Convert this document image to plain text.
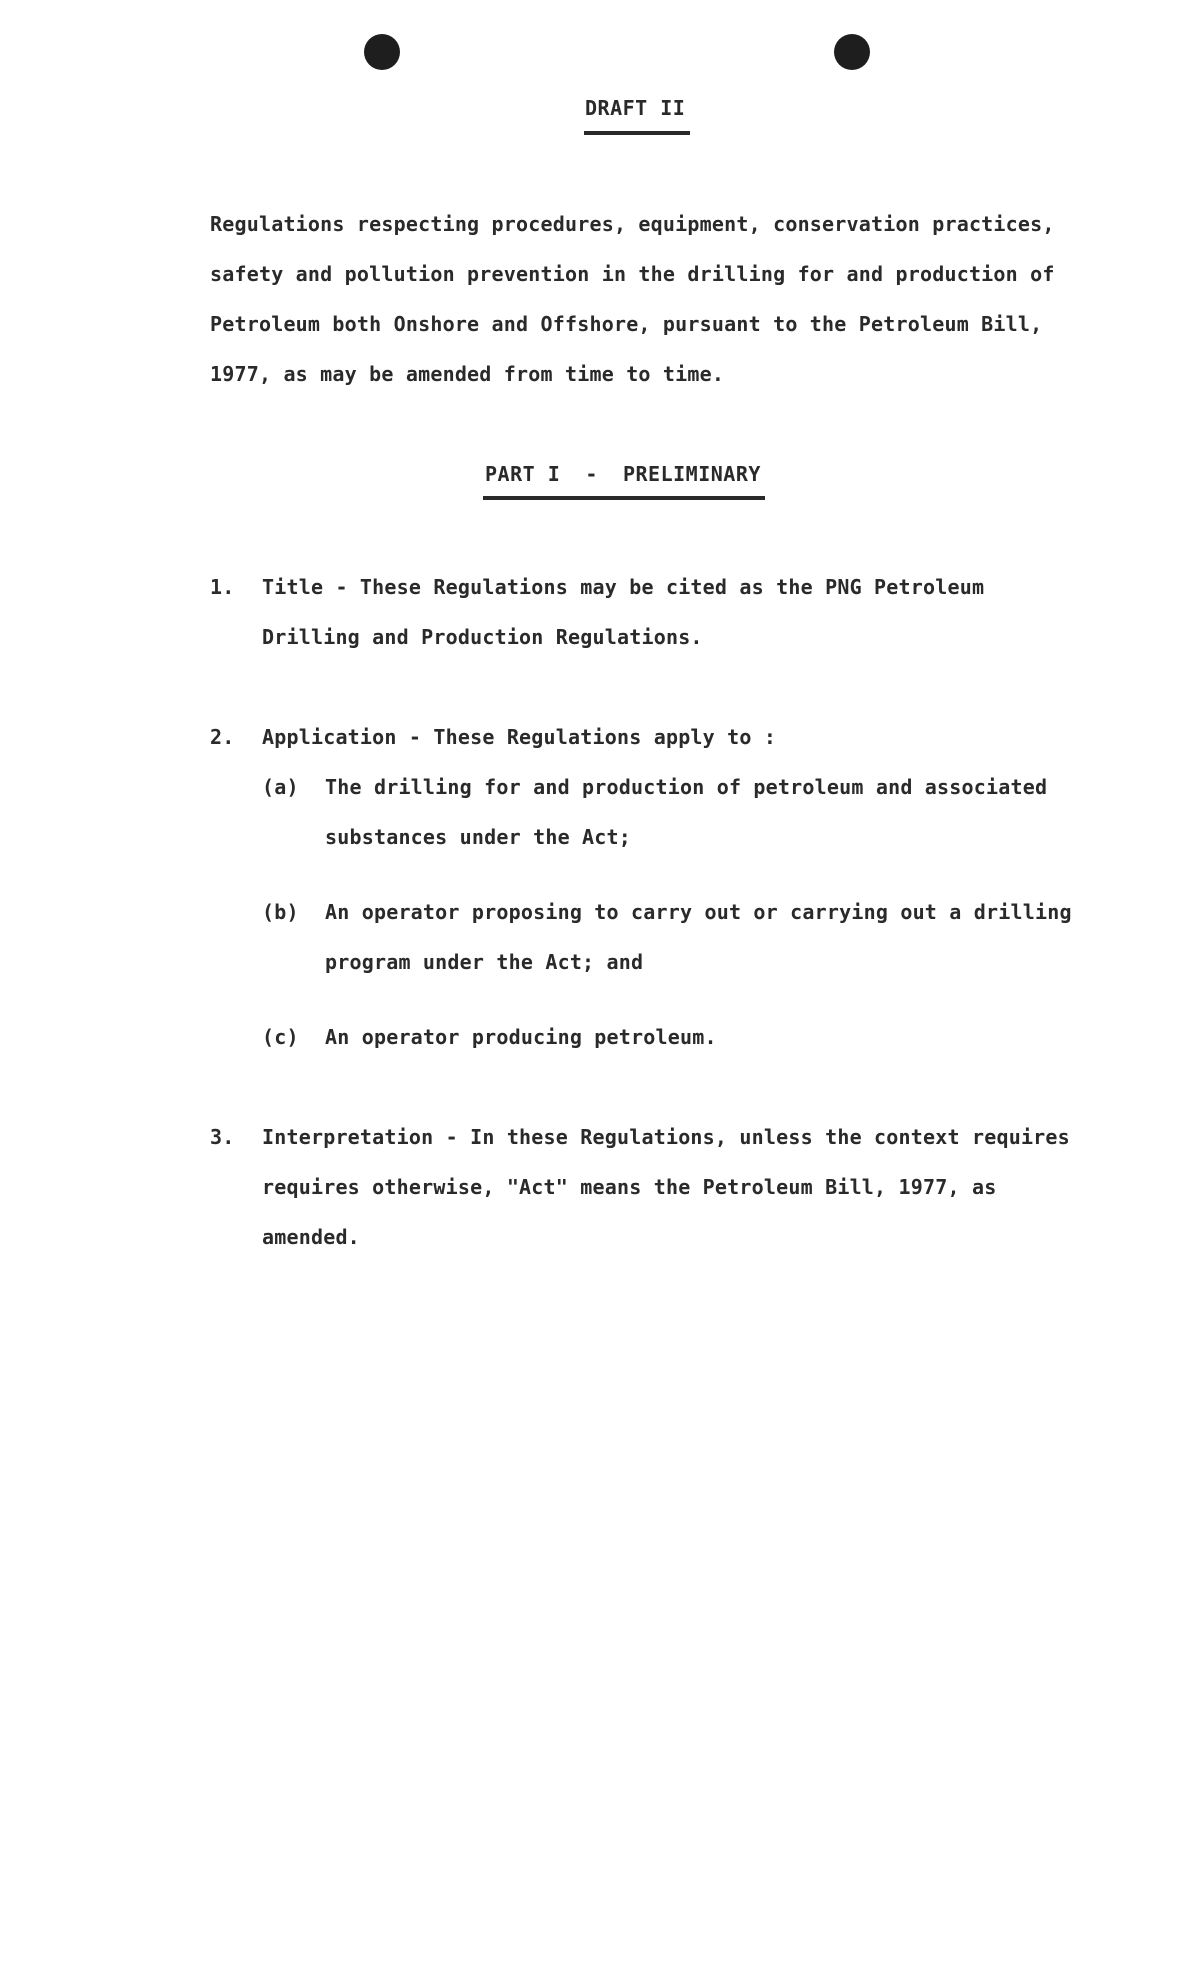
DRAFT II
Regulations respecting procedures, equipment, conservation practices,
safety and pollution prevention in the drilling for and production of
Petroleum both Onshore and Offshore, pursuant to the Petroleum Bill,
1977, as may be amended from time to time.
PART I  -  PRELIMINARY
1. Title - These Regulations may be cited as the PNG Petroleum
Drilling and Production Regulations.
2. Application - These Regulations apply to :
(a) The drilling for and production of petroleum and associated
substances under the Act;
(b) An operator proposing to carry out or carrying out a drilling
program under the Act; and
(c) An operator producing petroleum.
3. Interpretation - In these Regulations, unless the context requires
requires otherwise, "Act" means the Petroleum Bill, 1977, as
amended.
